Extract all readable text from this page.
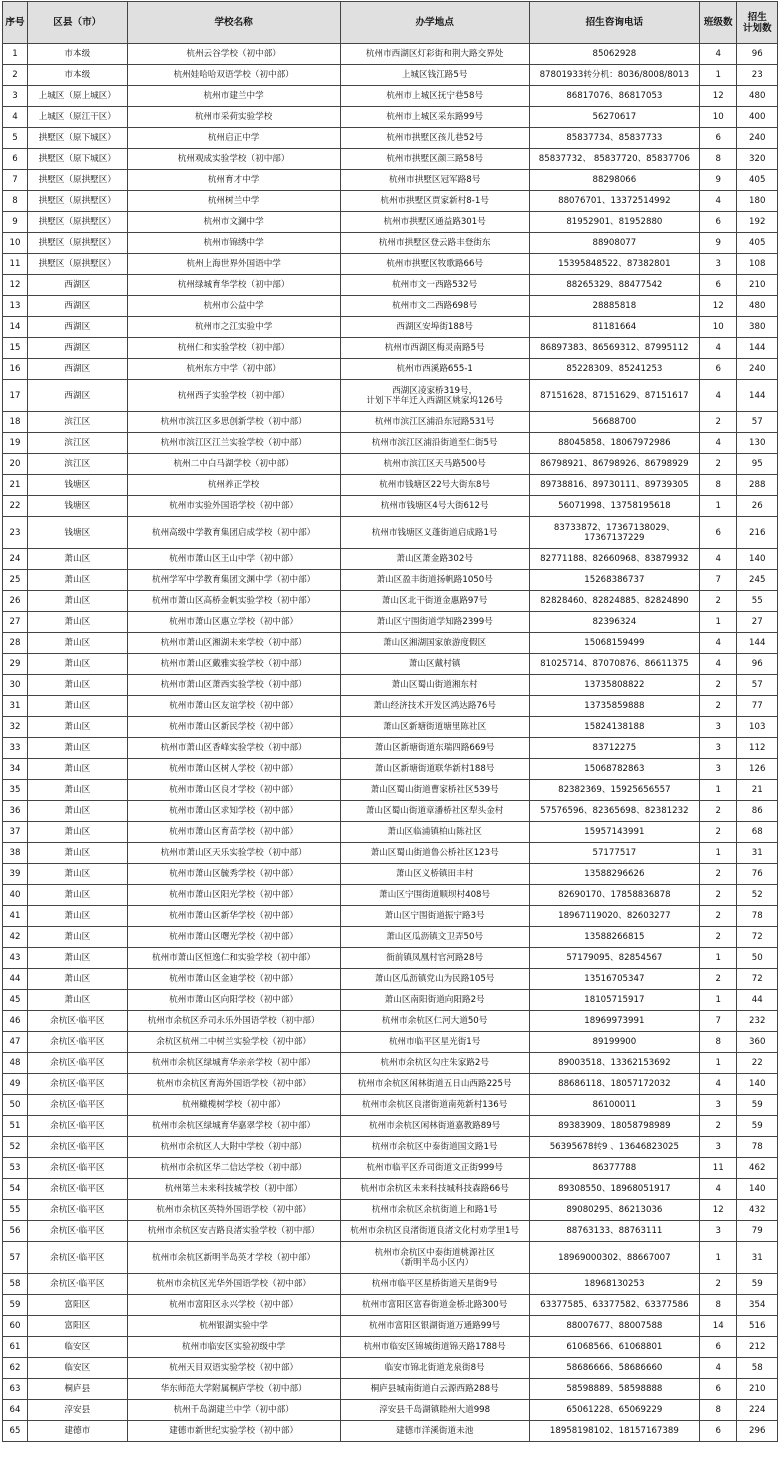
序号	区县（市）	学校名称	办学地点	招生咨询电话	班级数	招生
计划数
1	市本级	杭州云谷学校（初中部）	杭州市西湖区灯彩街和荆大路交界处	85062928	4	96
2	市本级	杭州娃哈哈双语学校（初中部）	上城区钱江路5号	87801933转分机：8036/8008/8013	1	23
3	上城区（原上城区）	杭州市建兰中学	杭州市上城区抚宁巷58号	86817076、86817053	12	480
4	上城区（原江干区）	杭州市采荷实验学校	杭州市上城区采东路99号	56270617	10	400
5	拱墅区（原下城区）	杭州启正中学	杭州市拱墅区孩儿巷52号	85837734、85837733	6	240
6	拱墅区（原下城区）	杭州观成实验学校（初中部）	杭州市拱墅区颜三路58号	85837732、 85837720、85837706	8	320
7	拱墅区（原拱墅区）	杭州育才中学	杭州市拱墅区冠军路8号	88298066	9	405
8	拱墅区（原拱墅区）	杭州树兰中学	杭州市拱墅区贾家新村8-1号	88076701、13372514992	4	180
9	拱墅区（原拱墅区）	杭州市文澜中学	杭州市拱墅区通益路301号	81952901、81952880	6	192
10	拱墅区（原拱墅区）	杭州市锦绣中学	杭州市拱墅区登云路丰登街东	88908077	9	405
11	拱墅区（原拱墅区）	杭州上海世界外国语中学	杭州市拱墅区牧歌路66号	15395848522、87382801	3	108
12	西湖区	杭州绿城育华学校（初中部）	杭州市文一西路532号	88265329、88477542	6	210
13	西湖区	杭州市公益中学	杭州市文二西路698号	28885818	12	480
14	西湖区	杭州市之江实验中学	西湖区安埠街188号	81181664	10	380
15	西湖区	杭州仁和实验学校（初中部）	杭州市西湖区梅灵南路5号	86897383、86569312、87995112	4	144
16	西湖区	杭州东方中学（初中部）	杭州市西溪路655-1	85228309、85241253	6	240
17	西湖区	杭州西子实验学校（初中部）	西湖区凌家桥319号，
计划下半年迁入西湖区姚家坞126号	87151628、87151629、87151617	4	144
18	滨江区	杭州市滨江区多思创新学校（初中部）	杭州市滨江区浦沿东冠路531号	56688700	2	57
19	滨江区	杭州市滨江区江兰实验学校（初中部）	杭州市滨江区浦沿街道至仁街5号	88045858、18067972986	4	130
20	滨江区	杭州二中白马湖学校（初中部）	杭州市滨江区天马路500号	86798921、86798926、86798929	2	95
21	钱塘区	杭州养正学校	杭州市钱塘区22号大街东8号	89738816、89730111、89739305	8	288
22	钱塘区	杭州市实验外国语学校（初中部）	杭州市钱塘区4号大街612号	56071998、13758195618	1	26
23	钱塘区	杭州高级中学教育集团启成学校（初中部）	杭州市钱塘区义蓬街道启成路1号	83733872、17367138029、
17367137229	6	216
24	萧山区	杭州市萧山区王山中学（初中部）	萧山区萧金路302号	82771188、82660968、83879932	4	140
25	萧山区	杭州学军中学教育集团文渊中学（初中部）	萧山区盈丰街道扬帆路1050号	15268386737	7	245
26	萧山区	杭州市萧山区高桥金帆实验学校（初中部）	萧山区北干街道金惠路97号	82828460、82824885、82824890	2	55
27	萧山区	杭州市萧山区惠立学校（初中部）	萧山区宁围街道学知路2399号	82396324	1	27
28	萧山区	杭州市萧山区湘湖未来学校（初中部）	萧山区湘湖国家旅游度假区	15068159499	4	144
29	萧山区	杭州市萧山区戴雅实验学校（初中部）	萧山区戴村镇	81025714、87070876、86611375	4	96
30	萧山区	杭州市萧山区萧西实验学校（初中部）	萧山区蜀山街道湘东村	13735808822	2	57
31	萧山区	杭州市萧山区友谊学校（初中部）	萧山经济技术开发区鸿达路76号	13735859888	2	77
32	萧山区	杭州市萧山区新民学校（初中部）	萧山区新塘街道塘里陈社区	15824138188	3	103
33	萧山区	杭州市萧山区香峰实验学校（初中部）	萧山区新塘街道东瑞四路669号	83712275	3	112
34	萧山区	杭州市萧山区树人学校（初中部）	萧山区新塘街道联华新村188号	15068782863	3	126
35	萧山区	杭州市萧山区良才学校（初中部）	萧山区蜀山街道曹家桥社区539号	82382369、15925656557	1	21
36	萧山区	杭州市萧山区求知学校（初中部）	萧山区蜀山街道章潘桥社区犁头金村	57576596、82365698、82381232	2	86
37	萧山区	杭州市萧山区育苗学校（初中部）	萧山区临浦镇柏山陈社区	15957143991	2	68
38	萧山区	杭州市萧山区天乐实验学校（初中部）	萧山区蜀山街道鲁公桥社区123号	57177517	1	31
39	萧山区	杭州市萧山区毓秀学校（初中部）	萧山区义桥镇田丰村	13588296626	2	76
40	萧山区	杭州市萧山区阳光学校（初中部）	萧山区宁围街道顺坝村408号	82690170、17858836878	2	52
41	萧山区	杭州市萧山区新华学校（初中部）	萧山区宁围街道振宁路3号	18967119020、82603277	2	78
42	萧山区	杭州市萧山区曙光学校（初中部）	萧山区瓜沥镇文卫弄50号	13588266815	2	72
43	萧山区	杭州市萧山区恒逸仁和实验学校（初中部）	衙前镇凤凰村官河路28号	57179095、82854567	1	50
44	萧山区	杭州市萧山区金迪学校（初中部）	萧山区瓜沥镇党山为民路105号	13516705347	2	72
45	萧山区	杭州市萧山区向阳学校（初中部）	萧山区南阳街道向阳路2号	18105715917	1	44
46	余杭区·临平区	杭州市余杭区乔司永乐外国语学校（初中部）	杭州市余杭区仁河大道50号	18969973991	7	232
47	余杭区·临平区	余杭区杭州二中树兰实验学校（初中部）	杭州市临平区星光街1号	89199900	8	360
48	余杭区·临平区	杭州市余杭区绿城育华亲亲学校（初中部）	杭州市余杭区勾庄朱家路2号	89003518、13362153692	1	22
49	余杭区·临平区	杭州市余杭区育海外国语学校（初中部）	杭州市余杭区闲林街道五日山西路225号	88686118、18057172032	4	140
50	余杭区·临平区	杭州橄榄树学校（初中部）	杭州市余杭区良渚街道南苑新村136号	86100011	3	59
51	余杭区·临平区	杭州市余杭区绿城育华嘉翠学校（初中部）	杭州市余杭区闲林街道嘉教路89号	89383909、18058798989	2	59
52	余杭区·临平区	杭州市余杭区人大附中学校（初中部）	杭州市余杭区中泰街道国文路1号	56395678转9 、13646823025	3	78
53	余杭区·临平区	杭州市余杭区华二信达学校（初中部）	杭州市临平区乔司街道文正街999号	86377788	11	462
54	余杭区·临平区	杭州第兰未来科技城学校（初中部）	杭州市余杭区未来科技城科技森路66号	89308550、18968051917	4	140
55	余杭区·临平区	杭州市余杭区英特外国语学校（初中部）	杭州市余杭区余杭街道上和路1号	89080295、86213036	12	432
56	余杭区·临平区	杭州市余杭区安吉路良渚实验学校（初中部）	杭州市余杭区良渚街道良渚文化村劝学里1号	88763133、88763111	3	79
57	余杭区·临平区	杭州市余杭区新明半岛英才学校（初中部）	杭州市余杭区中泰街道桃源社区
（新明半岛小区内）	18969000302、88667007	1	31
58	余杭区·临平区	杭州市余杭区光华外国语学校（初中部）	杭州市临平区星桥街道天星街9号	18968130253	2	59
59	富阳区	杭州市富阳区永兴学校（初中部）	杭州市富阳区富春街道金桥北路300号	63377585、63377582、63377586	8	354
60	富阳区	杭州银湖实验中学	杭州市富阳区银湖街道万通路99号	88007677、88007588	14	516
61	临安区	杭州市临安区实验初级中学	杭州市临安区锦城街道锦天路1788号	61068566、61068801	6	212
62	临安区	杭州天目双语实验学校（初中部）	临安市锦北街道龙泉街8号	58686666、58686660	4	58
63	桐庐县	华东师范大学附属桐庐学校（初中部）	桐庐县城南街道白云源西路288号	58598889、58598888	6	210
64	淳安县	杭州千岛湖建兰中学（初中部）	淳安县千岛湖镇睦州大道998	65061228、65069229	8	224
65	建德市	建德市新世纪实验学校（初中部）	建德市洋溪街道未池	18958198102、18157167389	6	296
